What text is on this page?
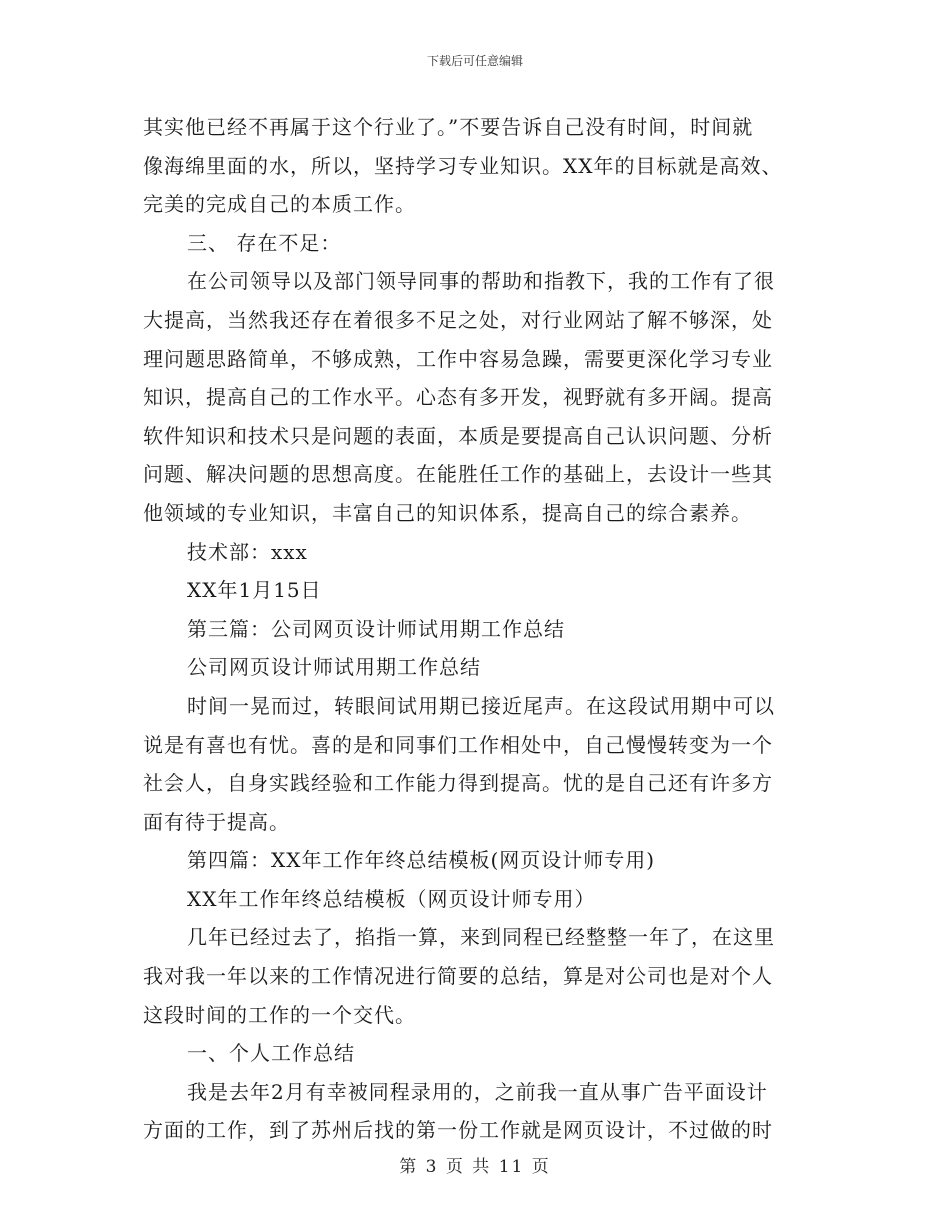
下载后可任意编辑
其实他已经不再属于这个行业了。”不要告诉自己没有时间，时间就
像海绵里面的水，所以，坚持学习专业知识。XX年的目标就是高效、
完美的完成自己的本质工作。
三、 存在不足：
在公司领导以及部门领导同事的帮助和指教下，我的工作有了很
大提高，当然我还存在着很多不足之处，对行业网站了解不够深，处
理问题思路简单，不够成熟，工作中容易急躁，需要更深化学习专业
知识，提高自己的工作水平。心态有多开发，视野就有多开阔。提高
软件知识和技术只是问题的表面，本质是要提高自己认识问题、分析
问题、解决问题的思想高度。在能胜任工作的基础上，去设计一些其
他领域的专业知识，丰富自己的知识体系，提高自己的综合素养。
技术部：xxx
XX年1月15日
第三篇：公司网页设计师试用期工作总结
公司网页设计师试用期工作总结
时间一晃而过，转眼间试用期已接近尾声。在这段试用期中可以
说是有喜也有忧。喜的是和同事们工作相处中，自己慢慢转变为一个
社会人，自身实践经验和工作能力得到提高。忧的是自己还有许多方
面有待于提高。
第四篇：XX年工作年终总结模板(网页设计师专用)
XX年工作年终总结模板（网页设计师专用）
几年已经过去了，掐指一算，来到同程已经整整一年了，在这里
我对我一年以来的工作情况进行简要的总结，算是对公司也是对个人
这段时间的工作的一个交代。
一、个人工作总结
我是去年2月有幸被同程录用的，之前我一直从事广告平面设计
方面的工作，到了苏州后找的第一份工作就是网页设计，不过做的时
第 3 页 共 11 页
